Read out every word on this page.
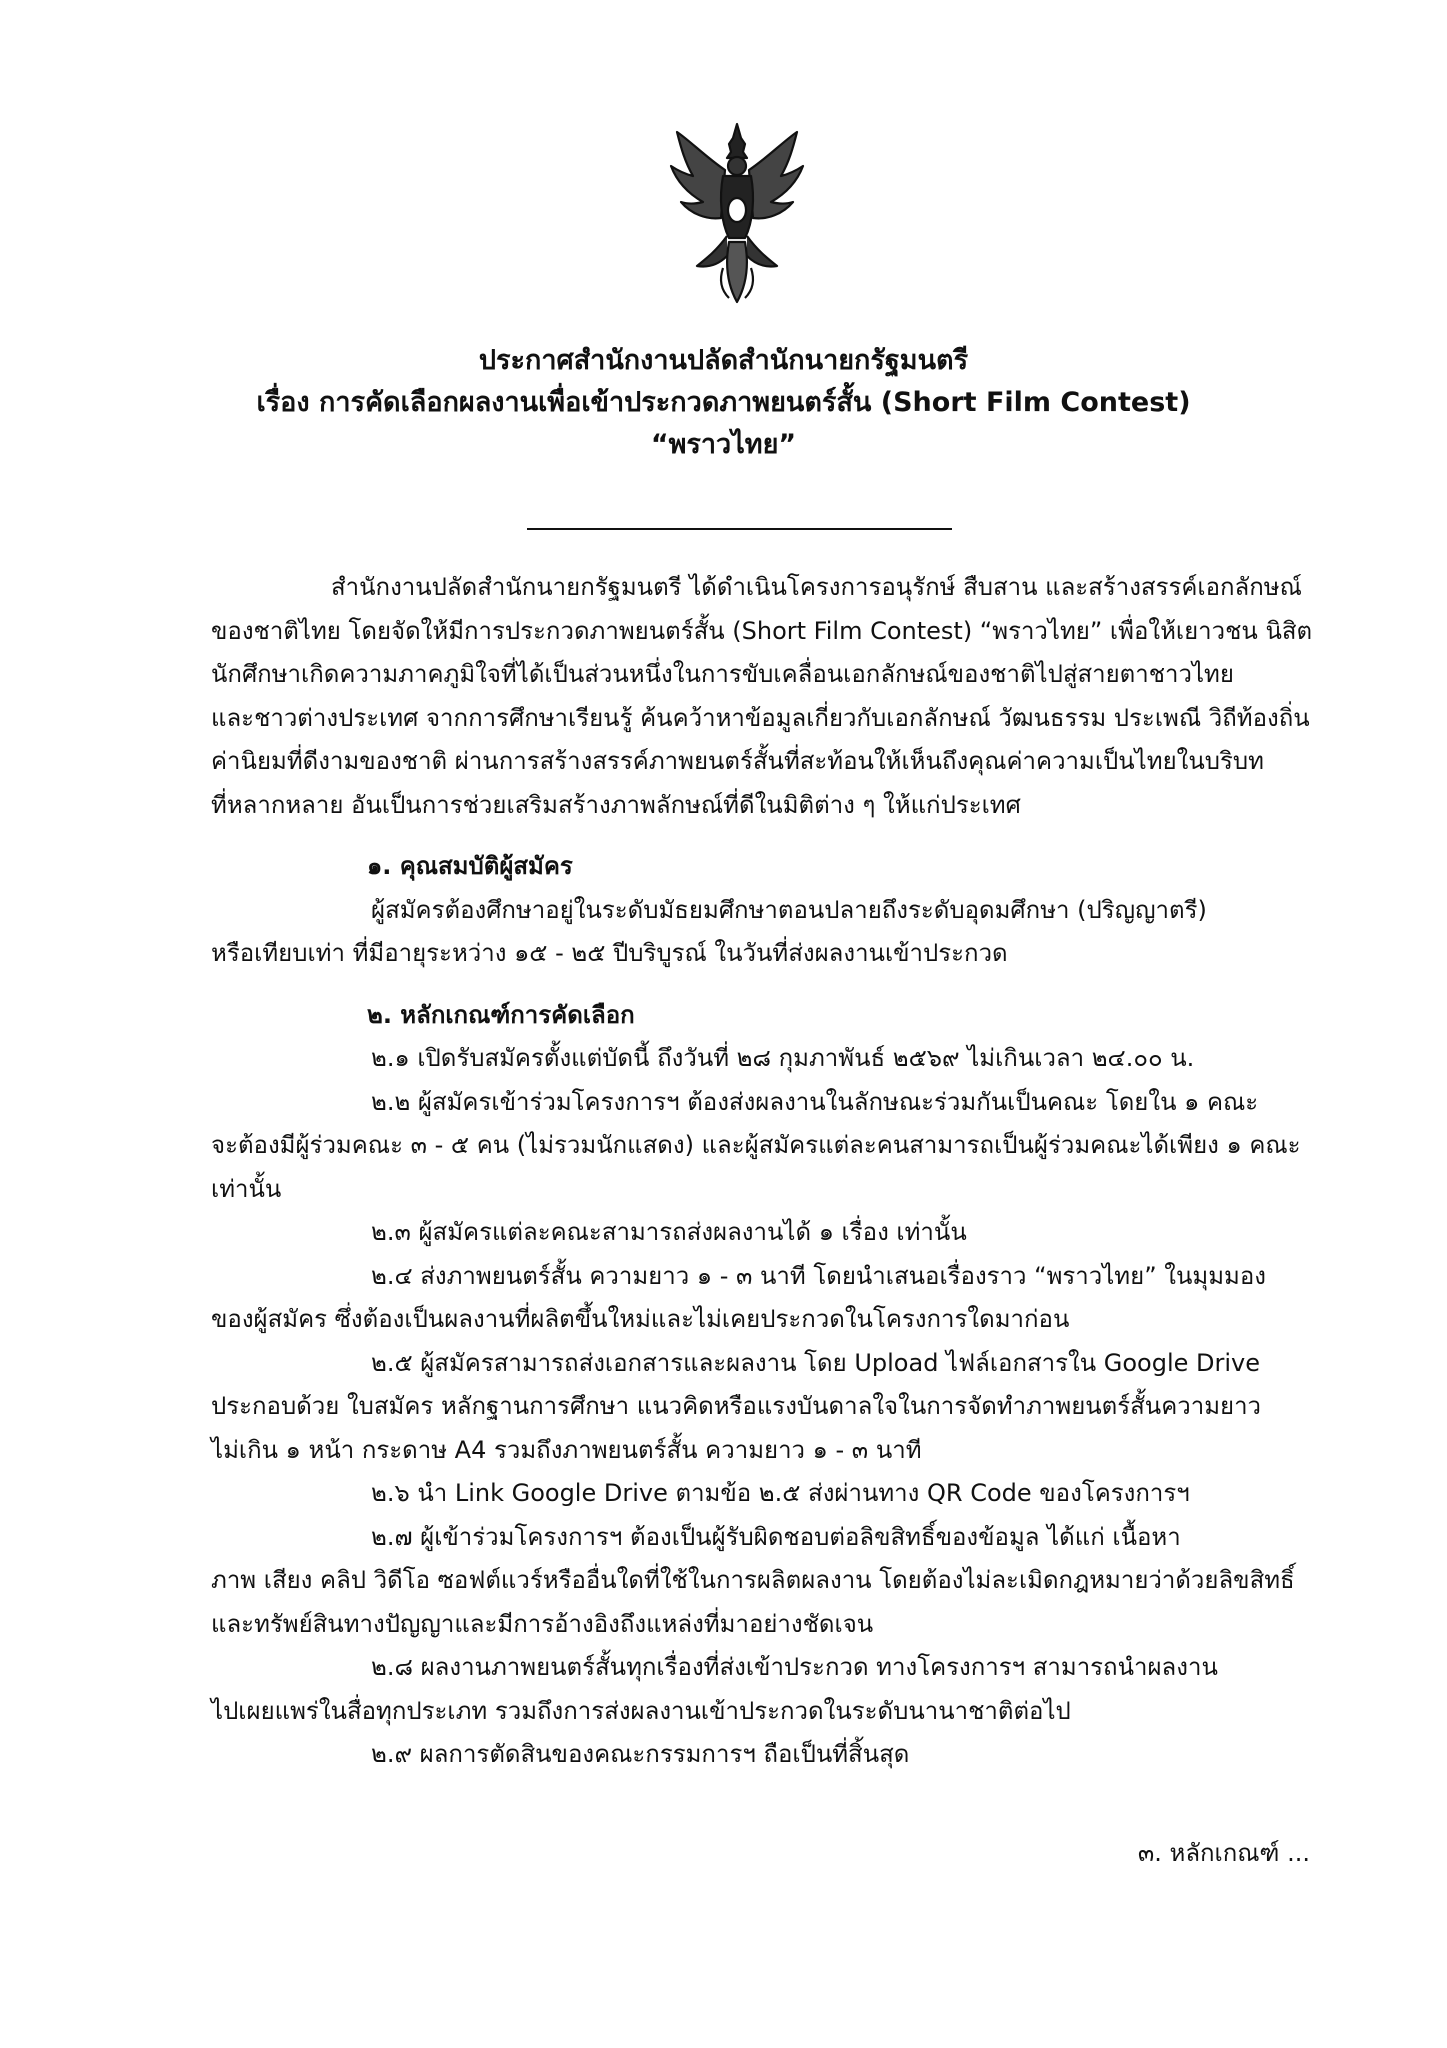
ประกาศสำนักงานปลัดสำนักนายกรัฐมนตรี
เรื่อง การคัดเลือกผลงานเพื่อเข้าประกวดภาพยนตร์สั้น (Short Film Contest)
“พราวไทย”
สำนักงานปลัดสำนักนายกรัฐมนตรี ได้ดำเนินโครงการอนุรักษ์ สืบสาน และสร้างสรรค์เอกลักษณ์
ของชาติไทย โดยจัดให้มีการประกวดภาพยนตร์สั้น (Short Film Contest) “พราวไทย” เพื่อให้เยาวชน นิสิต
นักศึกษาเกิดความภาคภูมิใจที่ได้เป็นส่วนหนึ่งในการขับเคลื่อนเอกลักษณ์ของชาติไปสู่สายตาชาวไทย
และชาวต่างประเทศ จากการศึกษาเรียนรู้ ค้นคว้าหาข้อมูลเกี่ยวกับเอกลักษณ์ วัฒนธรรม ประเพณี วิถีท้องถิ่น
ค่านิยมที่ดีงามของชาติ ผ่านการสร้างสรรค์ภาพยนตร์สั้นที่สะท้อนให้เห็นถึงคุณค่าความเป็นไทยในบริบท
ที่หลากหลาย อันเป็นการช่วยเสริมสร้างภาพลักษณ์ที่ดีในมิติต่าง ๆ ให้แก่ประเทศ
๑. คุณสมบัติผู้สมัคร
ผู้สมัครต้องศึกษาอยู่ในระดับมัธยมศึกษาตอนปลายถึงระดับอุดมศึกษา (ปริญญาตรี)
หรือเทียบเท่า ที่มีอายุระหว่าง ๑๕ - ๒๕ ปีบริบูรณ์ ในวันที่ส่งผลงานเข้าประกวด
๒. หลักเกณฑ์การคัดเลือก
๒.๑ เปิดรับสมัครตั้งแต่บัดนี้ ถึงวันที่ ๒๘ กุมภาพันธ์ ๒๕๖๙ ไม่เกินเวลา ๒๔.๐๐ น.
๒.๒ ผู้สมัครเข้าร่วมโครงการฯ ต้องส่งผลงานในลักษณะร่วมกันเป็นคณะ โดยใน ๑ คณะ
จะต้องมีผู้ร่วมคณะ ๓ - ๕ คน (ไม่รวมนักแสดง) และผู้สมัครแต่ละคนสามารถเป็นผู้ร่วมคณะได้เพียง ๑ คณะ
เท่านั้น
๒.๓ ผู้สมัครแต่ละคณะสามารถส่งผลงานได้ ๑ เรื่อง เท่านั้น
๒.๔ ส่งภาพยนตร์สั้น ความยาว ๑ - ๓ นาที โดยนำเสนอเรื่องราว “พราวไทย” ในมุมมอง
ของผู้สมัคร ซึ่งต้องเป็นผลงานที่ผลิตขึ้นใหม่และไม่เคยประกวดในโครงการใดมาก่อน
๒.๕ ผู้สมัครสามารถส่งเอกสารและผลงาน โดย Upload ไฟล์เอกสารใน Google Drive
ประกอบด้วย ใบสมัคร หลักฐานการศึกษา แนวคิดหรือแรงบันดาลใจในการจัดทำภาพยนตร์สั้นความยาว
ไม่เกิน ๑ หน้า กระดาษ A4 รวมถึงภาพยนตร์สั้น ความยาว ๑ - ๓ นาที
๒.๖ นำ Link Google Drive ตามข้อ ๒.๕ ส่งผ่านทาง QR Code ของโครงการฯ
๒.๗ ผู้เข้าร่วมโครงการฯ ต้องเป็นผู้รับผิดชอบต่อลิขสิทธิ์ของข้อมูล ได้แก่ เนื้อหา
ภาพ เสียง คลิป วิดีโอ ซอฟต์แวร์หรืออื่นใดที่ใช้ในการผลิตผลงาน โดยต้องไม่ละเมิดกฎหมายว่าด้วยลิขสิทธิ์
และทรัพย์สินทางปัญญาและมีการอ้างอิงถึงแหล่งที่มาอย่างชัดเจน
๒.๘ ผลงานภาพยนตร์สั้นทุกเรื่องที่ส่งเข้าประกวด ทางโครงการฯ สามารถนำผลงาน
ไปเผยแพร่ในสื่อทุกประเภท รวมถึงการส่งผลงานเข้าประกวดในระดับนานาชาติต่อไป
๒.๙ ผลการตัดสินของคณะกรรมการฯ ถือเป็นที่สิ้นสุด
๓. หลักเกณฑ์ ...
